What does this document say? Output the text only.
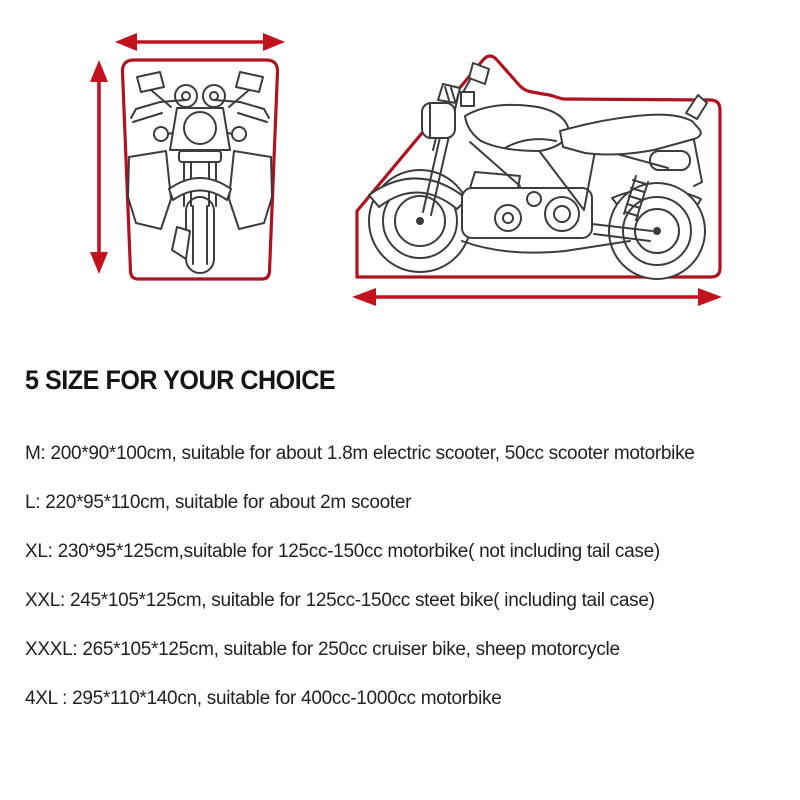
5 SIZE FOR YOUR CHOICE

M: 200*90*100cm, suitable for about 1.8m electric scooter, 50cc scooter motorbike

L: 220*95*110cm, suitable for about 2m scooter

XL: 230*95*125cm,suitable for 125cc-150cc motorbike( not including tail case)

XXL: 245*105*125cm, suitable for 125cc-150cc steet bike( including tail case)

XXXL: 265*105*125cm, suitable for 250cc cruiser bike, sheep motorcycle

4XL : 295*110*140cn, suitable for 400cc-1000cc motorbike
